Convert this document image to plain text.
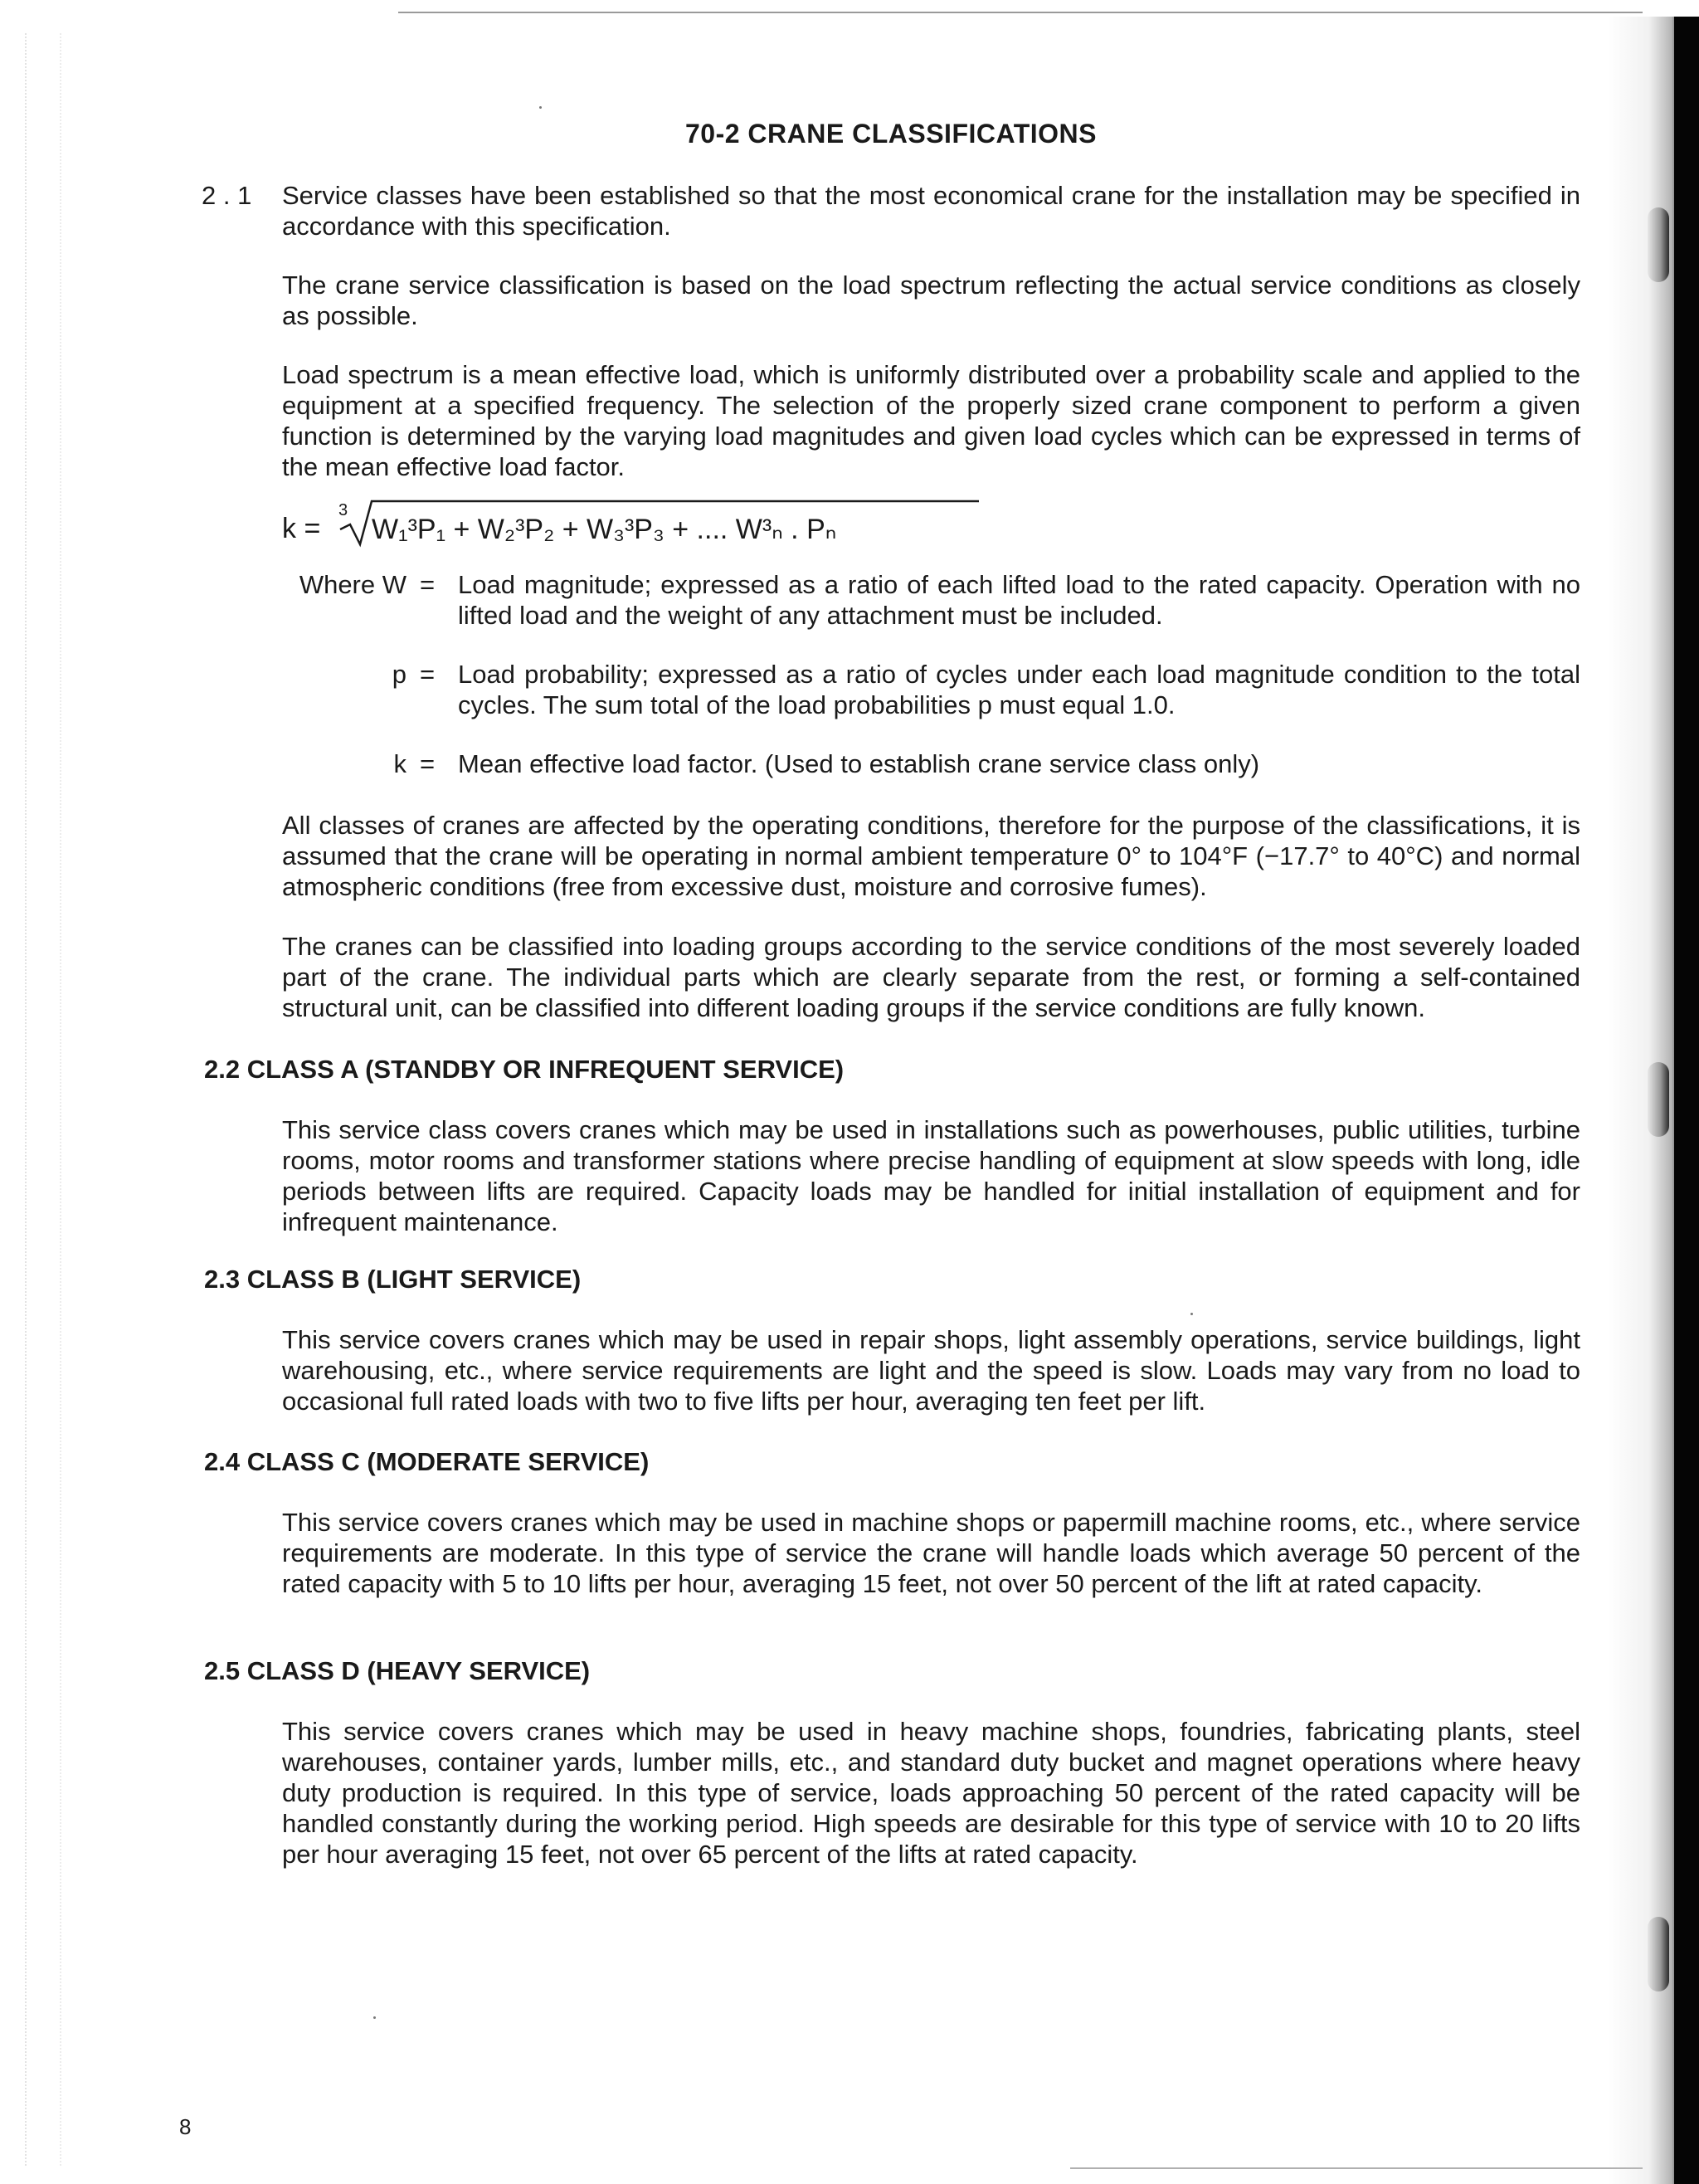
70-2 CRANE CLASSIFICATIONS
2 . 1 Service classes have been established so that the most economical crane for the installation may be specified in accordance with this specification.

The crane service classification is based on the load spectrum reflecting the actual service conditions as closely as possible.

Load spectrum is a mean effective load, which is uniformly distributed over a probability scale and applied to the equipment at a specified frequency. The selection of the properly sized crane component to perform a given function is determined by the varying load magnitudes and given load cycles which can be expressed in terms of the mean effective load factor.

k =
3
W₁³P₁ + W₂³P₂ + W₃³P₃ + .... W³ₙ . Pₙ
Where W = Load magnitude; expressed as a ratio of each lifted load to the rated capacity. Operation with no lifted load and the weight of any attachment must be included.
p = Load probability; expressed as a ratio of cycles under each load magnitude condition to the total cycles. The sum total of the load probabilities p must equal 1.0.
k = Mean effective load factor. (Used to establish crane service class only)

All classes of cranes are affected by the operating conditions, therefore for the purpose of the classifications, it is assumed that the crane will be operating in normal ambient temperature 0° to 104°F (−17.7° to 40°C) and normal atmospheric conditions (free from excessive dust, moisture and corrosive fumes).

The cranes can be classified into loading groups according to the service conditions of the most severely loaded part of the crane. The individual parts which are clearly separate from the rest, or forming a self-contained structural unit, can be classified into different loading groups if the service conditions are fully known.

2.2 CLASS A (STANDBY OR INFREQUENT SERVICE)

This service class covers cranes which may be used in installations such as powerhouses, public utilities, turbine rooms, motor rooms and transformer stations where precise handling of equipment at slow speeds with long, idle periods between lifts are required. Capacity loads may be handled for initial installation of equipment and for infrequent maintenance.

2.3 CLASS B (LIGHT SERVICE)

This service covers cranes which may be used in repair shops, light assembly operations, service buildings, light warehousing, etc., where service requirements are light and the speed is slow. Loads may vary from no load to occasional full rated loads with two to five lifts per hour, averaging ten feet per lift.

2.4 CLASS C (MODERATE SERVICE)

This service covers cranes which may be used in machine shops or papermill machine rooms, etc., where service requirements are moderate. In this type of service the crane will handle loads which average 50 percent of the rated capacity with 5 to 10 lifts per hour, averaging 15 feet, not over 50 percent of the lift at rated capacity.

2.5 CLASS D (HEAVY SERVICE)

This service covers cranes which may be used in heavy machine shops, foundries, fabricating plants, steel warehouses, container yards, lumber mills, etc., and standard duty bucket and magnet operations where heavy duty production is required. In this type of service, loads approaching 50 percent of the rated capacity will be handled constantly during the working period. High speeds are desirable for this type of service with 10 to 20 lifts per hour averaging 15 feet, not over 65 percent of the lifts at rated capacity.

8
